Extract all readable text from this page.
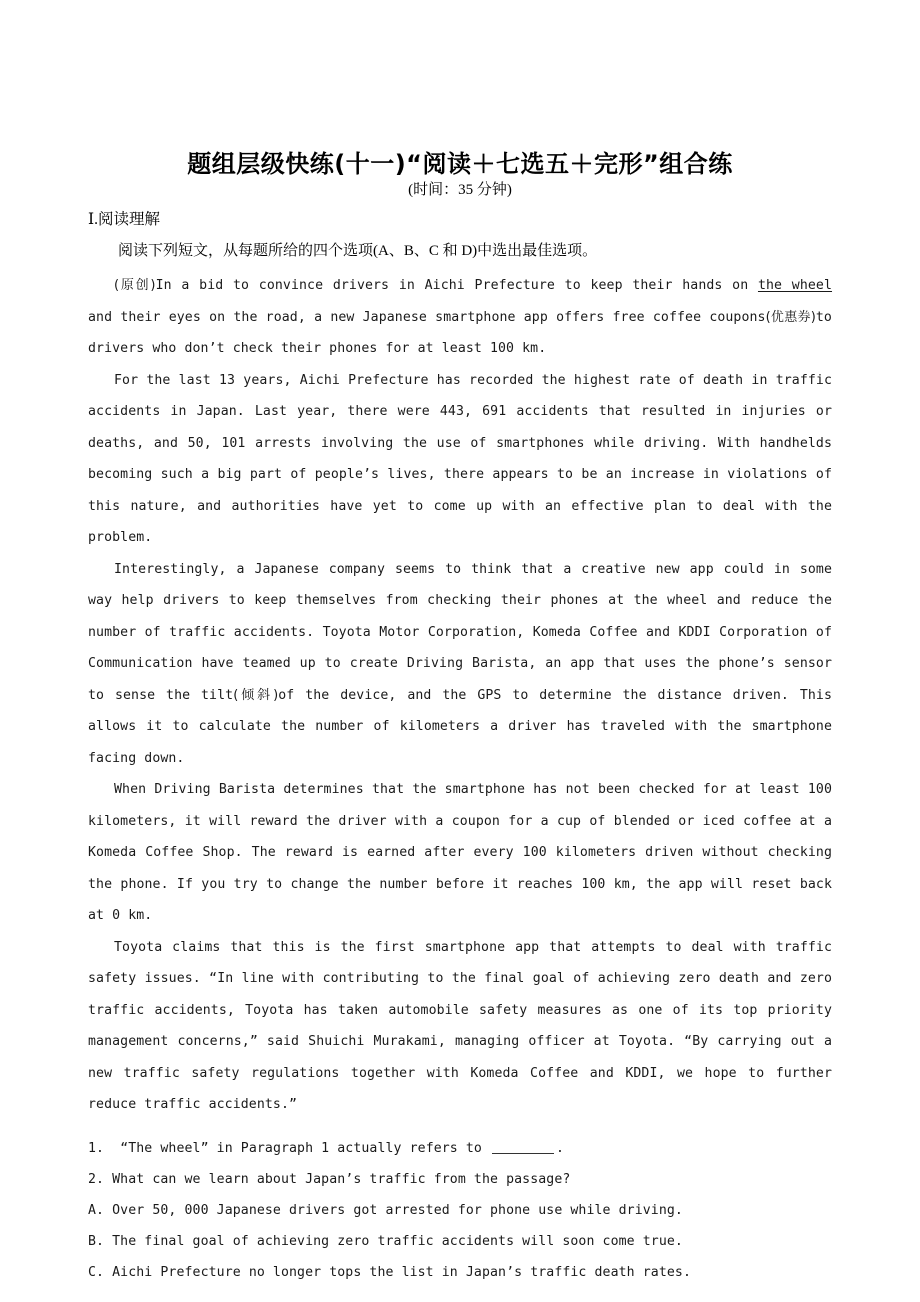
题组层级快练(十一)“阅读＋七选五＋完形”组合练
(时间：35 分钟)
Ⅰ.阅读理解
阅读下列短文，从每题所给的四个选项(A、B、C 和 D)中选出最佳选项。

(原创)In a bid to convince drivers in Aichi Prefecture to keep their hands on the wheel and their eyes on the road, a new Japanese smartphone app offers free coffee coupons(优惠券)to drivers who don’t check their phones for at least 100 km.

For the last 13 years, Aichi Prefecture has recorded the highest rate of death in traffic accidents in Japan. Last year, there were 443, 691 accidents that resulted in injuries or deaths, and 50, 101 arrests involving the use of smartphones while driving. With handhelds becoming such a big part of people’s lives, there appears to be an increase in violations of this nature, and authorities have yet to come up with an effective plan to deal with the problem.

Interestingly, a Japanese company seems to think that a creative new app could in some way help drivers to keep themselves from checking their phones at the wheel and reduce the number of traffic accidents. Toyota Motor Corporation, Komeda Coffee and KDDI Corporation of Communication have teamed up to create Driving Barista, an app that uses the phone’s sensor to sense the tilt(倾斜)of the device, and the GPS to determine the distance driven. This allows it to calculate the number of kilometers a driver has traveled with the smartphone facing down.

When Driving Barista determines that the smartphone has not been checked for at least 100 kilometers, it will reward the driver with a coupon for a cup of blended or iced coffee at a Komeda Coffee Shop. The reward is earned after every 100 kilometers driven without checking the phone. If you try to change the number before it reaches 100 km, the app will reset back at 0 km.

Toyota claims that this is the first smartphone app that attempts to deal with traffic safety issues. “In line with contributing to the final goal of achieving zero death and zero traffic accidents, Toyota has taken automobile safety measures as one of its top priority management concerns,” said Shuichi Murakami, managing officer at Toyota. “By carrying out a new traffic safety regulations together with Komeda Coffee and KDDI, we hope to further reduce traffic accidents.”

1. “The wheel” in Paragraph 1 actually refers to	.

2. What can we learn about Japan’s traffic from the passage?

A. Over 50, 000 Japanese drivers got arrested for phone use while driving.

B. The final goal of achieving zero traffic accidents will soon come true.

C. Aichi Prefecture no longer tops the list in Japan’s traffic death rates.
